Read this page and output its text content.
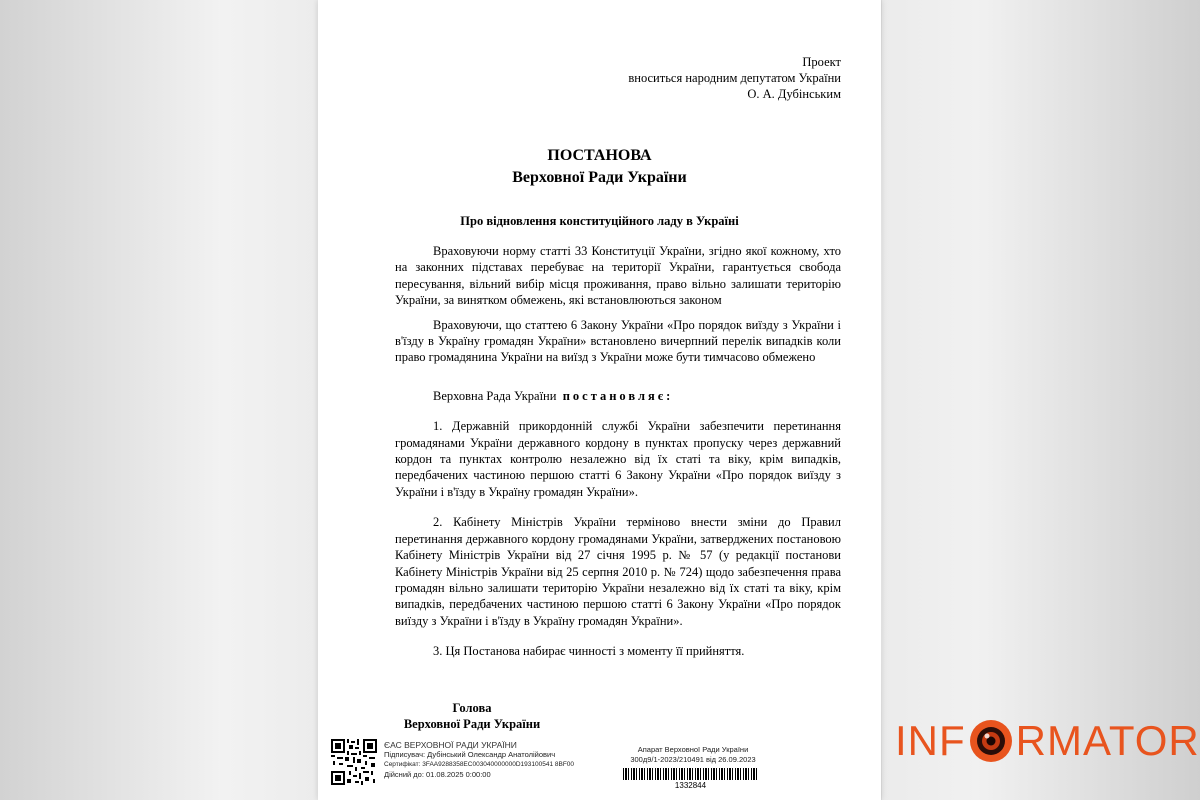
Проект
вноситься народним депутатом України
О. А. Дубінським
ПОСТАНОВА
Верховної Ради України
Про відновлення конституційного ладу в Україні

Враховуючи норму статті 33 Конституції України, згідно якої кожному, хто на законних підставах перебуває на території України, гарантується свобода пересування, вільний вибір місця проживання, право вільно залишати територію України, за винятком обмежень, які встановлюються законом

Враховуючи, що статтею 6 Закону України «Про порядок виїзду з України і в'їзду в Україну громадян України» встановлено вичерпний перелік випадків коли право громадянина України на виїзд з України може бути тимчасово обмежено

Верховна Рада України постановляє:

1. Державній прикордонній службі України забезпечити перетинання громадянами України державного кордону в пунктах пропуску через державний кордон та пунктах контролю незалежно від їх статі та віку, крім випадків, передбачених частиною першою статті 6 Закону України «Про порядок виїзду з України і в'їзду в Україну громадян України».

2. Кабінету Міністрів України терміново внести зміни до Правил перетинання державного кордону громадянами України, затверджених постановою Кабінету Міністрів України від 27 січня 1995 р. № 57 (у редакції постанови Кабінету Міністрів України від 25 серпня 2010 р. № 724) щодо забезпечення права громадян вільно залишати територію України незалежно від їх статі та віку, крім випадків, передбачених частиною першою статті 6 Закону України «Про порядок виїзду з України і в'їзду в Україну громадян України».

3. Ця Постанова набирає чинності з моменту її прийняття.

Голова
Верховної Ради України
ЄАС ВЕРХОВНОЇ РАДИ УКРАЇНИ
Підписувач: Дубінський Олександр Анатолійович
Сертифікат: 3FAA9288358EC003040000000D193100541 8BF00
Дійсний до: 01.08.2025 0:00:00
Апарат Верховної Ради України
300д9/1-2023/210491 від 26.09.2023
1332844
INF RMATOR
